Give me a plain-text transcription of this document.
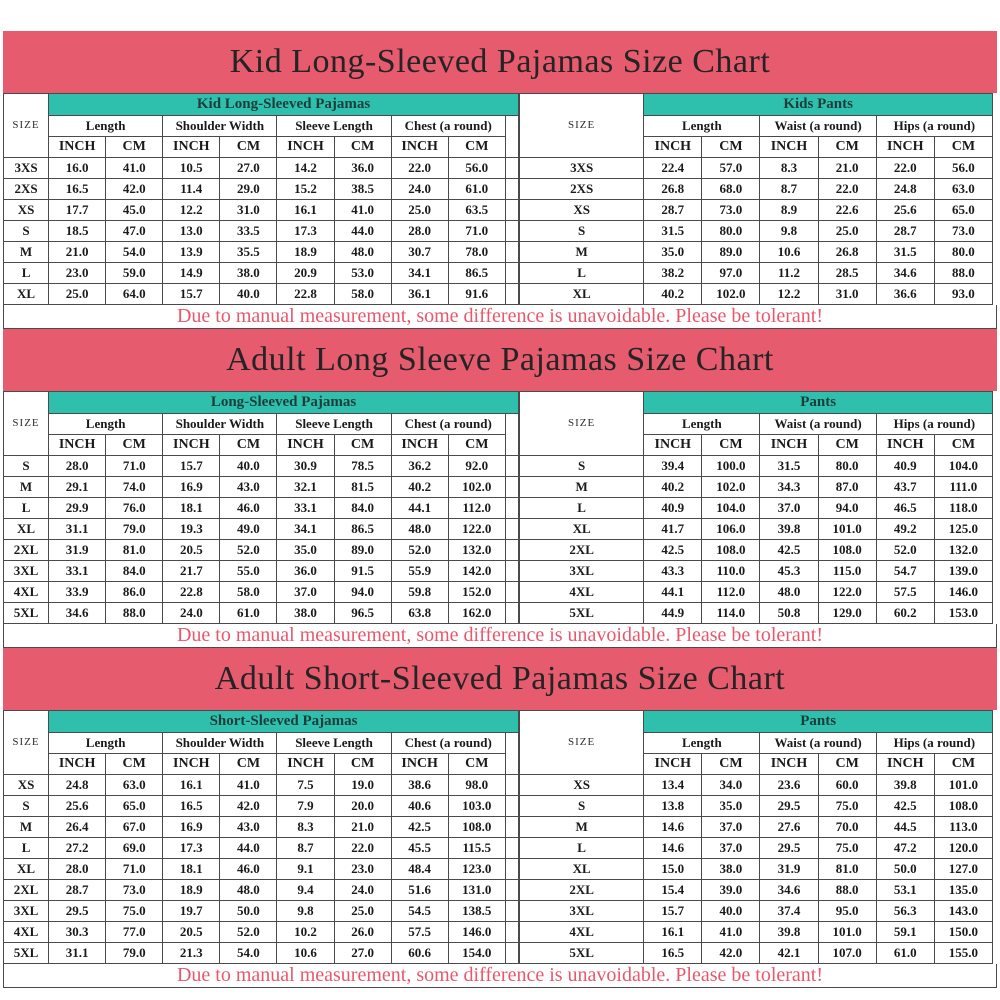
Kid Long-Sleeved Pajamas Size Chart
SIZE	Kid Long-Sleeved Pajamas								
	Length		Shoulder Width		Sleeve Length		Chest (a round)		
	INCH	CM	INCH	CM	INCH	CM	INCH	CM	
3XS	16.0	41.0	10.5	27.0	14.2	36.0	22.0	56.0	
2XS	16.5	42.0	11.4	29.0	15.2	38.5	24.0	61.0	
XS	17.7	45.0	12.2	31.0	16.1	41.0	25.0	63.5	
S	18.5	47.0	13.0	33.5	17.3	44.0	28.0	71.0	
M	21.0	54.0	13.9	35.5	18.9	48.0	30.7	78.0	
L	23.0	59.0	14.9	38.0	20.9	53.0	34.1	86.5	
XL	25.0	64.0	15.7	40.0	22.8	58.0	36.1	91.6	
SIZE	Kids Pants					
	Length		Waist (a round)		Hips (a round)	
	INCH	CM	INCH	CM	INCH	CM
3XS	22.4	57.0	8.3	21.0	22.0	56.0
2XS	26.8	68.0	8.7	22.0	24.8	63.0
XS	28.7	73.0	8.9	22.6	25.6	65.0
S	31.5	80.0	9.8	25.0	28.7	73.0
M	35.0	89.0	10.6	26.8	31.5	80.0
L	38.2	97.0	11.2	28.5	34.6	88.0
XL	40.2	102.0	12.2	31.0	36.6	93.0
Due to manual measurement, some difference is unavoidable. Please be tolerant!
Adult Long Sleeve Pajamas Size Chart
SIZE	Long-Sleeved Pajamas								
	Length		Shoulder Width		Sleeve Length		Chest (a round)		
	INCH	CM	INCH	CM	INCH	CM	INCH	CM	
S	28.0	71.0	15.7	40.0	30.9	78.5	36.2	92.0	
M	29.1	74.0	16.9	43.0	32.1	81.5	40.2	102.0	
L	29.9	76.0	18.1	46.0	33.1	84.0	44.1	112.0	
XL	31.1	79.0	19.3	49.0	34.1	86.5	48.0	122.0	
2XL	31.9	81.0	20.5	52.0	35.0	89.0	52.0	132.0	
3XL	33.1	84.0	21.7	55.0	36.0	91.5	55.9	142.0	
4XL	33.9	86.0	22.8	58.0	37.0	94.0	59.8	152.0	
5XL	34.6	88.0	24.0	61.0	38.0	96.5	63.8	162.0	
SIZE	Pants					
	Length		Waist (a round)		Hips (a round)	
	INCH	CM	INCH	CM	INCH	CM
S	39.4	100.0	31.5	80.0	40.9	104.0
M	40.2	102.0	34.3	87.0	43.7	111.0
L	40.9	104.0	37.0	94.0	46.5	118.0
XL	41.7	106.0	39.8	101.0	49.2	125.0
2XL	42.5	108.0	42.5	108.0	52.0	132.0
3XL	43.3	110.0	45.3	115.0	54.7	139.0
4XL	44.1	112.0	48.0	122.0	57.5	146.0
5XL	44.9	114.0	50.8	129.0	60.2	153.0
Due to manual measurement, some difference is unavoidable. Please be tolerant!
Adult Short-Sleeved Pajamas Size Chart
SIZE	Short-Sleeved Pajamas								
	Length		Shoulder Width		Sleeve Length		Chest (a round)		
	INCH	CM	INCH	CM	INCH	CM	INCH	CM	
XS	24.8	63.0	16.1	41.0	7.5	19.0	38.6	98.0	
S	25.6	65.0	16.5	42.0	7.9	20.0	40.6	103.0	
M	26.4	67.0	16.9	43.0	8.3	21.0	42.5	108.0	
L	27.2	69.0	17.3	44.0	8.7	22.0	45.5	115.5	
XL	28.0	71.0	18.1	46.0	9.1	23.0	48.4	123.0	
2XL	28.7	73.0	18.9	48.0	9.4	24.0	51.6	131.0	
3XL	29.5	75.0	19.7	50.0	9.8	25.0	54.5	138.5	
4XL	30.3	77.0	20.5	52.0	10.2	26.0	57.5	146.0	
5XL	31.1	79.0	21.3	54.0	10.6	27.0	60.6	154.0	
SIZE	Pants					
	Length		Waist (a round)		Hips (a round)	
	INCH	CM	INCH	CM	INCH	CM
XS	13.4	34.0	23.6	60.0	39.8	101.0
S	13.8	35.0	29.5	75.0	42.5	108.0
M	14.6	37.0	27.6	70.0	44.5	113.0
L	14.6	37.0	29.5	75.0	47.2	120.0
XL	15.0	38.0	31.9	81.0	50.0	127.0
2XL	15.4	39.0	34.6	88.0	53.1	135.0
3XL	15.7	40.0	37.4	95.0	56.3	143.0
4XL	16.1	41.0	39.8	101.0	59.1	150.0
5XL	16.5	42.0	42.1	107.0	61.0	155.0
Due to manual measurement, some difference is unavoidable. Please be tolerant!
